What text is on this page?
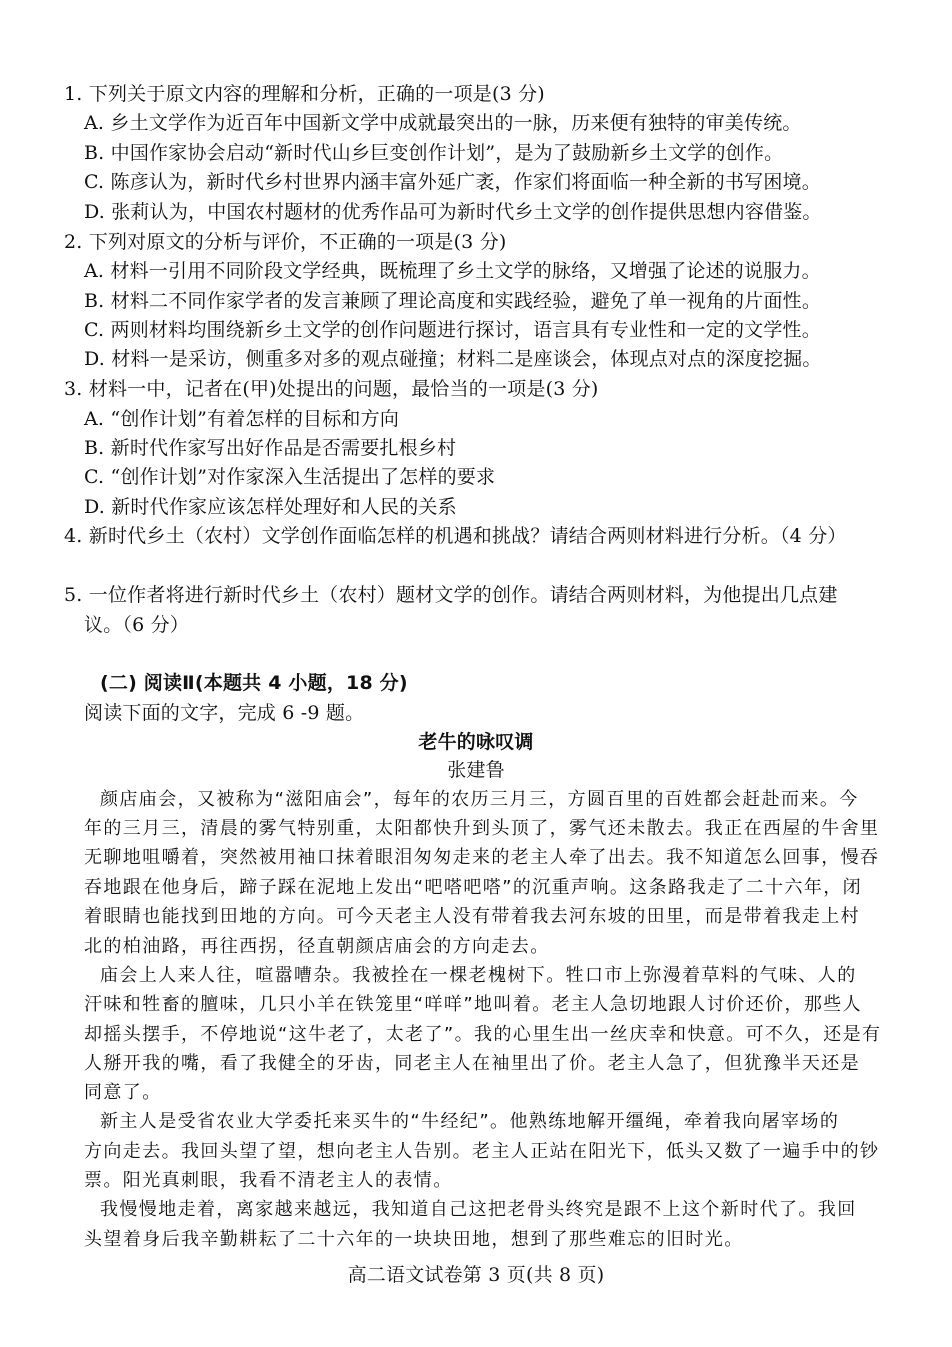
1. 下列关于原文内容的理解和分析，正确的一项是(3 分)
A. 乡土文学作为近百年中国新文学中成就最突出的一脉，历来便有独特的审美传统。
B. 中国作家协会启动“新时代山乡巨变创作计划”，是为了鼓励新乡土文学的创作。
C. 陈彦认为，新时代乡村世界内涵丰富外延广袤，作家们将面临一种全新的书写困境。
D. 张莉认为，中国农村题材的优秀作品可为新时代乡土文学的创作提供思想内容借鉴。
2. 下列对原文的分析与评价，不正确的一项是(3 分)
A. 材料一引用不同阶段文学经典，既梳理了乡土文学的脉络，又增强了论述的说服力。
B. 材料二不同作家学者的发言兼顾了理论高度和实践经验，避免了单一视角的片面性。
C. 两则材料均围绕新乡土文学的创作问题进行探讨，语言具有专业性和一定的文学性。
D. 材料一是采访，侧重多对多的观点碰撞；材料二是座谈会，体现点对点的深度挖掘。
3. 材料一中，记者在(甲)处提出的问题，最恰当的一项是(3 分)
A. “创作计划”有着怎样的目标和方向
B. 新时代作家写出好作品是否需要扎根乡村
C. “创作计划”对作家深入生活提出了怎样的要求
D. 新时代作家应该怎样处理好和人民的关系
4. 新时代乡土（农村）文学创作面临怎样的机遇和挑战？请结合两则材料进行分析。（4 分）
5. 一位作者将进行新时代乡土（农村）题材文学的创作。请结合两则材料，为他提出几点建
议。（6 分）
(二) 阅读Ⅱ(本题共 4 小题，18 分)
阅读下面的文字，完成 6 -9 题。
老牛的咏叹调
张建鲁
颜店庙会，又被称为“滋阳庙会”，每年的农历三月三，方圆百里的百姓都会赶赴而来。今
年的三月三，清晨的雾气特别重，太阳都快升到头顶了，雾气还未散去。我正在西屋的牛舍里
无聊地咀嚼着，突然被用袖口抹着眼泪匆匆走来的老主人牵了出去。我不知道怎么回事，慢吞
吞地跟在他身后，蹄子踩在泥地上发出“吧嗒吧嗒”的沉重声响。这条路我走了二十六年，闭
着眼睛也能找到田地的方向。可今天老主人没有带着我去河东坡的田里，而是带着我走上村
北的柏油路，再往西拐，径直朝颜店庙会的方向走去。
庙会上人来人往，喧嚣嘈杂。我被拴在一棵老槐树下。牲口市上弥漫着草料的气味、人的
汗味和牲畜的膻味，几只小羊在铁笼里“咩咩”地叫着。老主人急切地跟人讨价还价，那些人
却摇头摆手，不停地说“这牛老了，太老了”。我的心里生出一丝庆幸和快意。可不久，还是有
人掰开我的嘴，看了我健全的牙齿，同老主人在袖里出了价。老主人急了，但犹豫半天还是
同意了。
新主人是受省农业大学委托来买牛的“牛经纪”。他熟练地解开缰绳，牵着我向屠宰场的
方向走去。我回头望了望，想向老主人告别。老主人正站在阳光下，低头又数了一遍手中的钞
票。阳光真刺眼，我看不清老主人的表情。
我慢慢地走着，离家越来越远，我知道自己这把老骨头终究是跟不上这个新时代了。我回
头望着身后我辛勤耕耘了二十六年的一块块田地，想到了那些难忘的旧时光。
高二语文试卷第 3 页(共 8 页)
